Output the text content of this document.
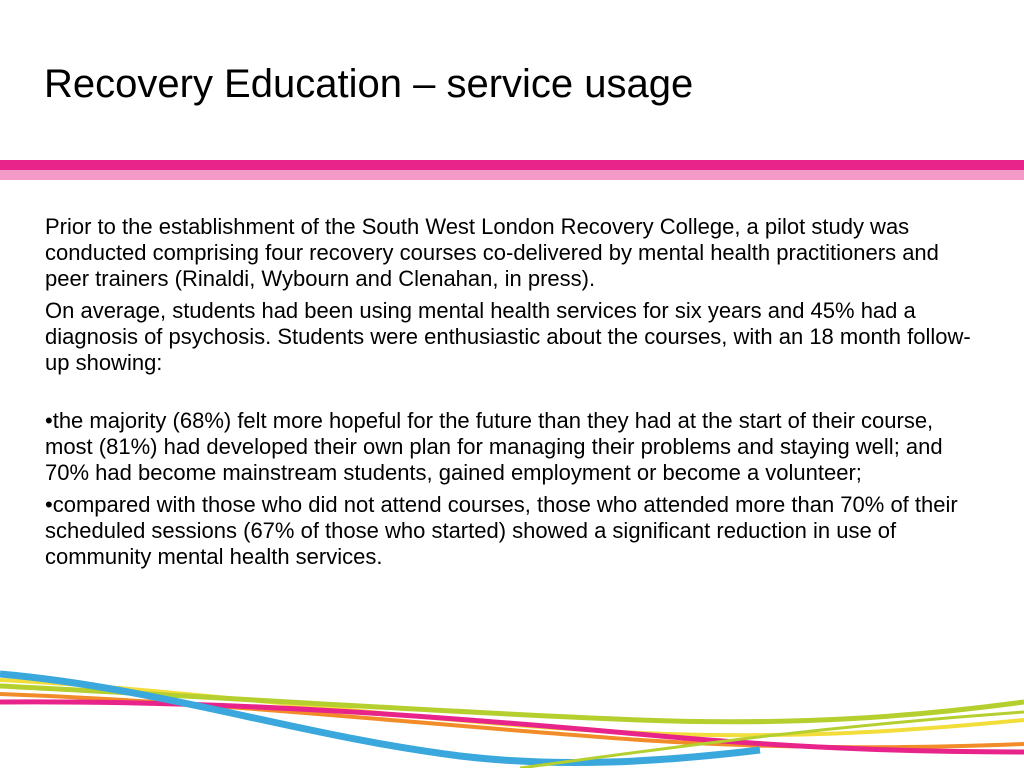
Recovery Education – service usage

Prior to the establishment of the South West London Recovery College, a pilot study was conducted comprising four recovery courses co-delivered by mental health practitioners and peer trainers (Rinaldi, Wybourn and Clenahan, in press).

On average, students had been using mental health services for six years and 45% had a diagnosis of psychosis. Students were enthusiastic about the courses, with an 18 month follow-up showing:

•the majority (68%) felt more hopeful for the future than they had at the start of their course, most (81%) had developed their own plan for managing their problems and staying well; and 70% had become mainstream students, gained employment or become a volunteer;

•compared with those who did not attend courses, those who attended more than 70% of their scheduled sessions (67% of those who started) showed a significant reduction in use of community mental health services.
